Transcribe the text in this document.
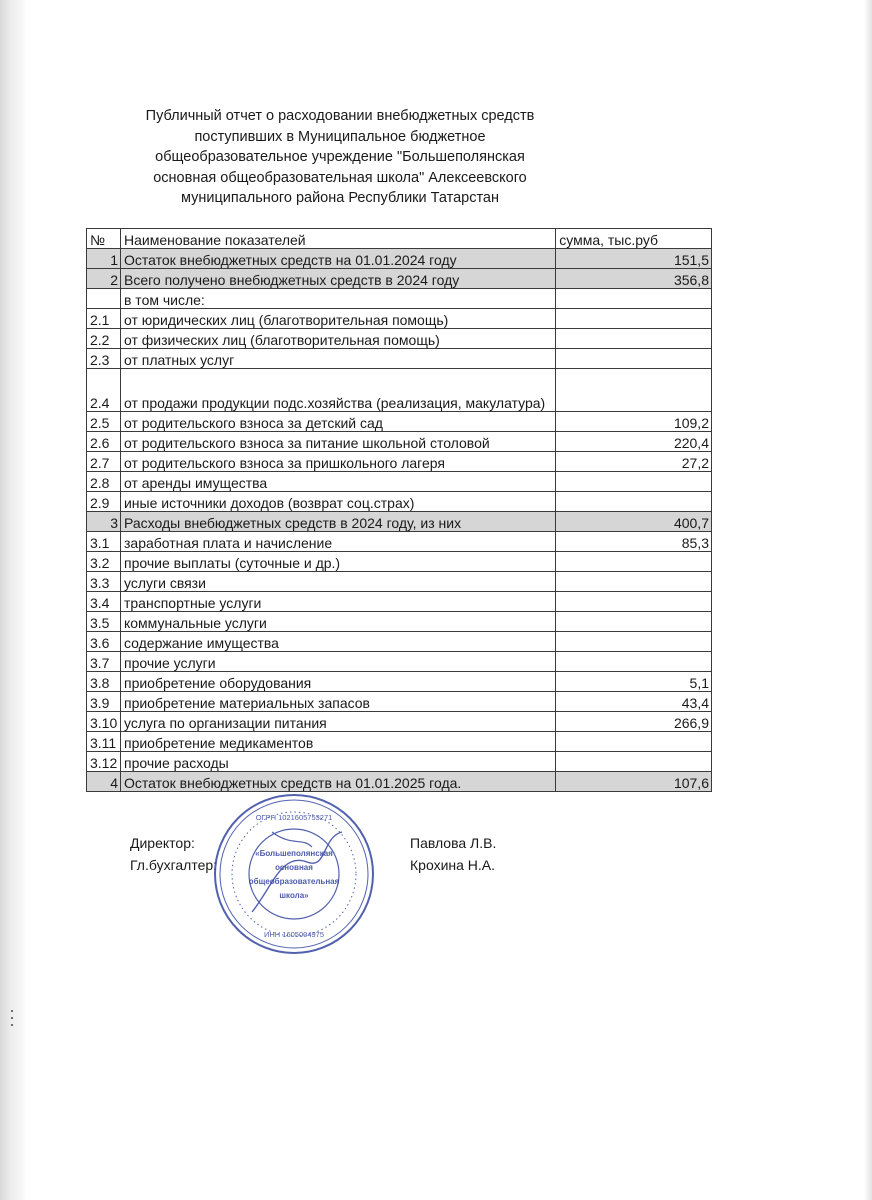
Публичный отчет о расходовании внебюджетных средств
поступивших в Муниципальное бюджетное
общеобразовательное учреждение "Большеполянская
основная общеобразовательная школа" Алексеевского
муниципального района Республики Татарстан
№	Наименование показателей	сумма, тыс.руб
1	Остаток внебюджетных средств на 01.01.2024 году	151,5
2	Всего получено внебюджетных средств в 2024 году	356,8
	в том числе:	
2.1	от юридических лиц (благотворительная помощь)	
2.2	от физических лиц (благотворительная помощь)	
2.3	от платных услуг	
2.4	от продажи продукции подс.хозяйства (реализация, макулатура)	
2.5	от родительского взноса за детский сад	109,2
2.6	от родительского взноса за питание школьной столовой	220,4
2.7	от родительского взноса за пришкольного лагеря	27,2
2.8	от аренды имущества	
2.9	иные источники доходов (возврат соц.страх)	
3	Расходы внебюджетных средств в 2024 году, из них	400,7
3.1	заработная плата и начисление	85,3
3.2	прочие выплаты (суточные и др.)	
3.3	услуги связи	
3.4	транспортные услуги	
3.5	коммунальные услуги	
3.6	содержание имущества	
3.7	прочие услуги	
3.8	приобретение оборудования	5,1
3.9	приобретение материальных запасов	43,4
3.10	услуга по организации питания	266,9
3.11	приобретение медикаментов	
3.12	прочие расходы	
4	Остаток внебюджетных средств на 01.01.2025 года.	107,6
Директор:	Павлова Л.В.
Гл.бухгалтер:	Крохина Н.А.
ОГРН 1021605753271
ИНН 1605004975
«Большеполянская
основная
общеобразовательная
школа»
